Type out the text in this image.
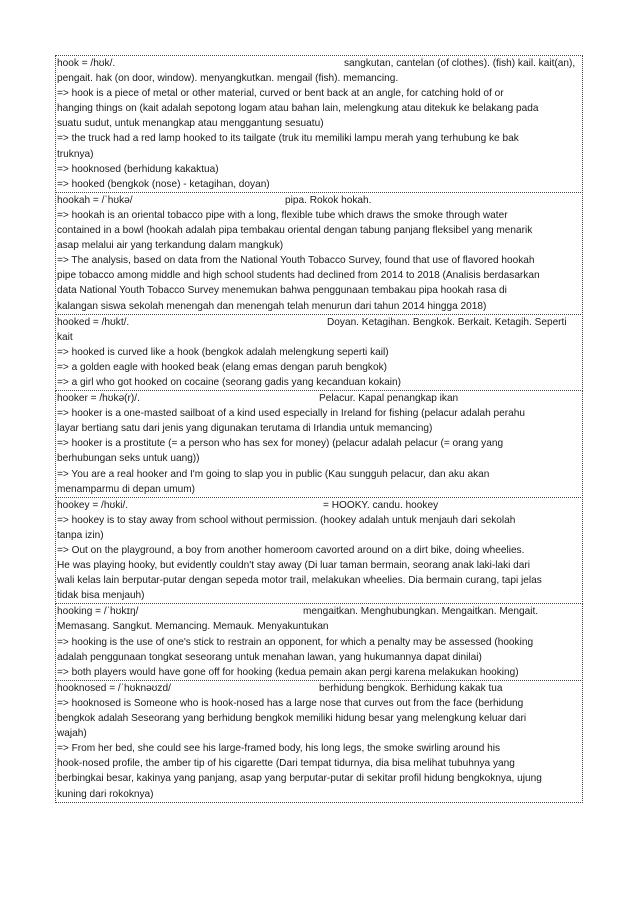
hook = /hʊk/.	sangkutan, cantelan (of clothes). (fish) kail. kait(an),
pengait. hak (on door, window). menyangkutkan. mengail (fish). memancing.
=> hook is a piece of metal or other material, curved or bent back at an angle, for catching hold of or
hanging things on (kait adalah sepotong logam atau bahan lain, melengkung atau ditekuk ke belakang pada
suatu sudut, untuk menangkap atau menggantung sesuatu)
=> the truck had a red lamp hooked to its tailgate (truk itu memiliki lampu merah yang terhubung ke bak
truknya)
=> hooknosed (berhidung kakaktua)
=> hooked (bengkok (nose) - ketagihan, doyan)

hookah = /ˈhʊkə/	pipa. Rokok hokah.
=> hookah is an oriental tobacco pipe with a long, flexible tube which draws the smoke through water
contained in a bowl (hookah adalah pipa tembakau oriental dengan tabung panjang fleksibel yang menarik
asap melalui air yang terkandung dalam mangkuk)
=> The analysis, based on data from the National Youth Tobacco Survey, found that use of flavored hookah
pipe tobacco among middle and high school students had declined from 2014 to 2018 (Analisis berdasarkan
data National Youth Tobacco Survey menemukan bahwa penggunaan tembakau pipa hookah rasa di
kalangan siswa sekolah menengah dan menengah telah menurun dari tahun 2014 hingga 2018)

hooked = /hʊkt/.	Doyan. Ketagihan. Bengkok. Berkait. Ketagih. Seperti
kait
=> hooked is curved like a hook (bengkok adalah melengkung seperti kail)
=> a golden eagle with hooked beak (elang emas dengan paruh bengkok)
=> a girl who got hooked on cocaine (seorang gadis yang kecanduan kokain)

hooker = /hʊkə(r)/.	Pelacur. Kapal penangkap ikan
=> hooker is a one-masted sailboat of a kind used especially in Ireland for fishing (pelacur adalah perahu
layar bertiang satu dari jenis yang digunakan terutama di Irlandia untuk memancing)
=> hooker is a prostitute (= a person who has sex for money) (pelacur adalah pelacur (= orang yang
berhubungan seks untuk uang))
=> You are a real hooker and I'm going to slap you in public (Kau sungguh pelacur, dan aku akan
menamparmu di depan umum)

hookey = /hʊki/.	= HOOKY. candu. hookey
=> hookey is to stay away from school without permission. (hookey adalah untuk menjauh dari sekolah
tanpa izin)
=> Out on the playground, a boy from another homeroom cavorted around on a dirt bike, doing wheelies.
He was playing hooky, but evidently couldn't stay away (Di luar taman bermain, seorang anak laki-laki dari
wali kelas lain berputar-putar dengan sepeda motor trail, melakukan wheelies. Dia bermain curang, tapi jelas
tidak bisa menjauh)

hooking = /ˈhʊkɪŋ/	mengaitkan. Menghubungkan. Mengaitkan. Mengait.
Memasang. Sangkut. Memancing. Memauk. Menyakuntukan
=> hooking is the use of one's stick to restrain an opponent, for which a penalty may be assessed (hooking
adalah penggunaan tongkat seseorang untuk menahan lawan, yang hukumannya dapat dinilai)
=> both players would have gone off for hooking (kedua pemain akan pergi karena melakukan hooking)

hooknosed = /ˈhʊknəʊzd/	berhidung bengkok. Berhidung kakak tua
=> hooknosed is Someone who is hook-nosed has a large nose that curves out from the face (berhidung
bengkok adalah Seseorang yang berhidung bengkok memiliki hidung besar yang melengkung keluar dari
wajah)
=> From her bed, she could see his large-framed body, his long legs, the smoke swirling around his
hook-nosed profile, the amber tip of his cigarette (Dari tempat tidurnya, dia bisa melihat tubuhnya yang
berbingkai besar, kakinya yang panjang, asap yang berputar-putar di sekitar profil hidung bengkoknya, ujung
kuning dari rokoknya)
